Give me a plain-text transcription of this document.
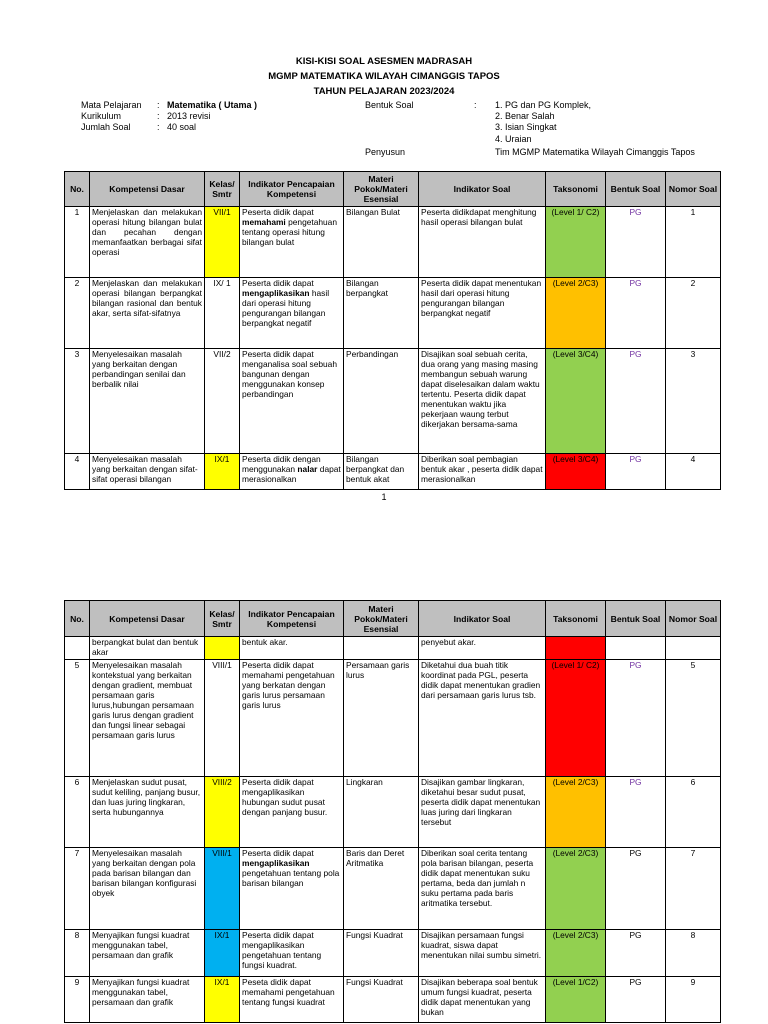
KISI-KISI SOAL ASESMEN MADRASAH
MGMP MATEMATIKA WILAYAH CIMANGGIS TAPOS
TAHUN PELAJARAN 2023/2024
Mata Pelajaran : Matematika ( Utama )
Kurikulum	: 2013 revisi
Jumlah Soal	: 40 soal
Bentuk Soal	: 1. PG dan PG Komplek,
2. Benar Salah
3. Isian Singkat
4. Uraian
Penyusun	Tim MGMP Matematika Wilayah Cimanggis Tapos
No.	Kompetensi Dasar	Kelas/ Smtr	Indikator Pencapaian Kompetensi	Materi Pokok/Materi Esensial	Indikator Soal	Taksonomi	Bentuk Soal	Nomor Soal
1	Menjelaskan dan melakukan operasi hitung bilangan bulat dan pecahan dengan memanfaatkan berbagai sifat operasi	VII/1	Peserta didik dapat memahami pengetahuan tentang operasi hitung bilangan bulat	Bilangan Bulat	Peserta didikdapat menghitung hasil operasi bilangan bulat	(Level 1/ C2)	PG	1
2	Menjelaskan dan melakukan operasi bilangan berpangkat bilangan rasional dan bentuk akar, serta sifat-sifatnya	IX/ 1	Peserta didik dapat mengaplikasikan hasil dari operasi hitung pengurangan bilangan berpangkat negatif	Bilangan berpangkat	Peserta didik dapat menentukan hasil dari operasi hitung pengurangan bilangan berpangkat negatif	(Level 2/C3)	PG	2
3	Menyelesaikan masalah yang berkaitan dengan perbandingan senilai dan berbalik nilai	VII/2	Peserta didik dapat menganalisa soal sebuah bangunan dengan menggunakan konsep perbandingan	Perbandingan	Disajikan soal sebuah cerita, dua orang yang masing masing membangun sebuah warung dapat diselesaikan dalam waktu tertentu. Peserta didik dapat menentukan waktu jika pekerjaan waung terbut dikerjakan bersama-sama	(Level 3/C4)	PG	3
4	Menyelesaikan masalah yang berkaitan dengan sifat-sifat operasi bilangan	IX/1	Peserta didik dengan menggunakan nalar dapat merasionalkan	Bilangan berpangkat dan bentuk akat	Diberikan soal pembagian bentuk akar , peserta didik dapat merasionalkan	(Level 3/C4)	PG	4
1
No.	Kompetensi Dasar	Kelas/ Smtr	Indikator Pencapaian Kompetensi	Materi Pokok/Materi Esensial	Indikator Soal	Taksonomi	Bentuk Soal	Nomor Soal
	berpangkat bulat dan bentuk akar		bentuk akar.		penyebut akar.			
5	Menyelesaikan masalah kontekstual yang berkaitan dengan gradient, membuat persamaan garis lurus,hubungan persamaan garis lurus dengan gradient dan fungsi linear sebagai persamaan garis lurus	VIII/1	Peserta didik dapat memahami pengetahuan yang berkatan dengan garis lurus persamaan garis lurus	Persamaan garis lurus	Diketahui dua buah titik koordinat pada PGL, peserta didik dapat menentukan gradien dari persamaan garis lurus tsb.	(Level 1/ C2)	PG	5
6	Menjelaskan sudut pusat, sudut keliling, panjang busur, dan luas juring lingkaran, serta hubungannya	VIII/2	Peserta didik dapat mengaplikasikan hubungan sudut pusat dengan panjang busur.	Lingkaran	Disajikan gambar lingkaran, diketahui besar sudut pusat, peserta didik dapat menentukan luas juring dari lingkaran tersebut	(Level 2/C3)	PG	6
7	Menyelesaikan masalah yang berkaitan dengan pola pada barisan bilangan dan barisan bilangan konfigurasi obyek	VIII/1	Peserta didik dapat mengaplikasikan pengetahuan tentang pola barisan bilangan	Baris dan Deret Aritmatika	Diberikan soal cerita tentang pola barisan bilangan, peserta didik dapat menentukan suku pertama, beda dan jumlah n suku pertama pada baris aritmatika tersebut.	(Level 2/C3)	PG	7
8	Menyajikan fungsi kuadrat menggunakan tabel, persamaan dan grafik	IX/1	Peserta didik dapat mengaplikasikan pengetahuan tentang fungsi kuadrat.	Fungsi Kuadrat	Disajikan persamaan fungsi kuadrat, siswa dapat menentukan nilai sumbu simetri.	(Level 2/C3)	PG	8
9	Menyajikan fungsi kuadrat menggunakan tabel, persamaan dan grafik	IX/1	Peseta didik dapat memahami pengetahuan tentang fungsi kuadrat	Fungsi Kuadrat	Disajikan beberapa soal bentuk umum fungsi kuadrat, peserta didik dapat menentukan yang bukan	(Level 1/C2)	PG	9
